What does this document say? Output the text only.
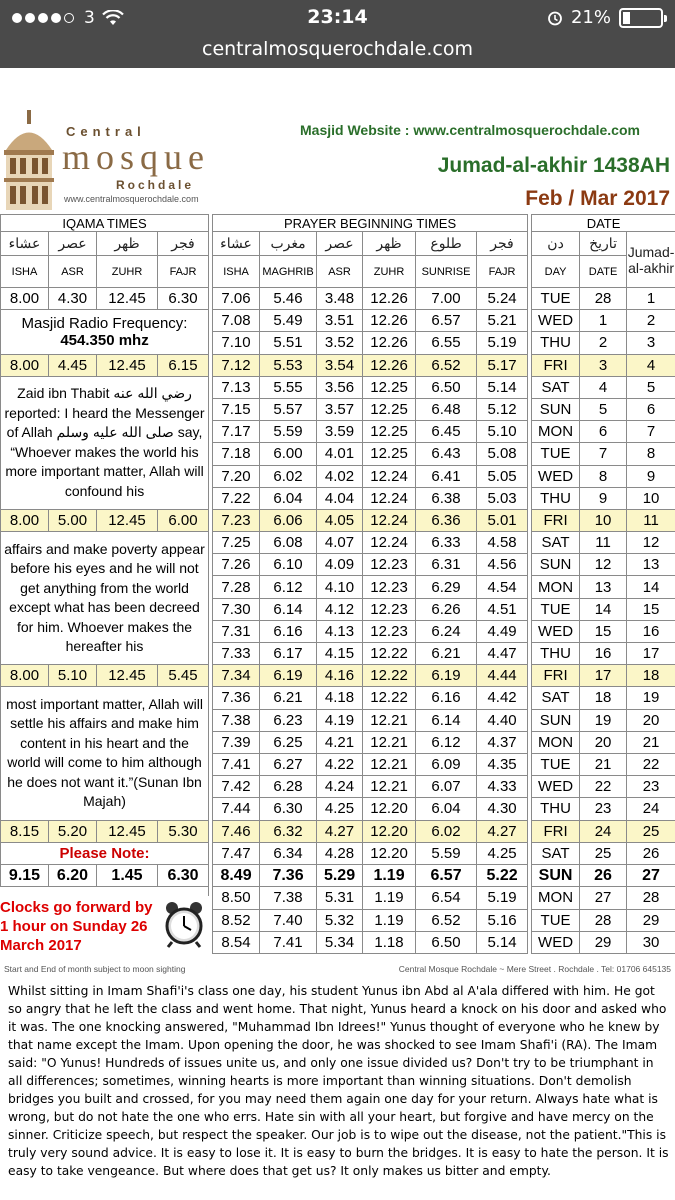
3	23:14	21%
centralmosquerochdale.com
Central
mosque
Rochdale
www.centralmosquerochdale.com
Masjid Website : www.centralmosquerochdale.com
Jumad-al-akhir 1438AH
Feb / Mar 2017
IQAMA TIMES					PRAYER BEGINNING TIMES							DATE		
عشاء	عصر	ظهر	فجر		عشاء	مغرب	عصر	ظهر	طلوع	فجر		دن	تاريخ	Jumad-al-akhir
ISHA	ASR	ZUHR	FAJR		ISHA	MAGHRIB	ASR	ZUHR	SUNRISE	FAJR		DAY	DATE	
8.00	4.30	12.45	6.30		7.06	5.46	3.48	12.26	7.00	5.24		TUE	28	1

Masjid Radio Frequency:
454.350 mhz					7.08	5.49	3.51	12.26	6.57	5.21		WED	1	2
					7.10	5.51	3.52	12.26	6.55	5.19		THU	2	3
8.00	4.45	12.45	6.15		7.12	5.53	3.54	12.26	6.52	5.17		FRI	3	4
Zaid ibn Thabit رضي الله عنه reported: I heard the Messenger of Allah صلى الله عليه وسلم say, “Whoever makes the world his more important matter, Allah will confound his					7.13	5.55	3.56	12.25	6.50	5.14		SAT	4	5
					7.15	5.57	3.57	12.25	6.48	5.12		SUN	5	6
					7.17	5.59	3.59	12.25	6.45	5.10		MON	6	7
					7.18	6.00	4.01	12.25	6.43	5.08		TUE	7	8
					7.20	6.02	4.02	12.24	6.41	5.05		WED	8	9
					7.22	6.04	4.04	12.24	6.38	5.03		THU	9	10
8.00	5.00	12.45	6.00		7.23	6.06	4.05	12.24	6.36	5.01		FRI	10	11
affairs and make poverty appear before his eyes and he will not get anything from the world except what has been decreed for him. Whoever makes the hereafter his					7.25	6.08	4.07	12.24	6.33	4.58		SAT	11	12
					7.26	6.10	4.09	12.23	6.31	4.56		SUN	12	13
					7.28	6.12	4.10	12.23	6.29	4.54		MON	13	14
					7.30	6.14	4.12	12.23	6.26	4.51		TUE	14	15
					7.31	6.16	4.13	12.23	6.24	4.49		WED	15	16
					7.33	6.17	4.15	12.22	6.21	4.47		THU	16	17
8.00	5.10	12.45	5.45		7.34	6.19	4.16	12.22	6.19	4.44		FRI	17	18
most important matter, Allah will settle his affairs and make him content in his heart and the world will come to him although he does not want it.”(Sunan Ibn Majah)					7.36	6.21	4.18	12.22	6.16	4.42		SAT	18	19
					7.38	6.23	4.19	12.21	6.14	4.40		SUN	19	20
					7.39	6.25	4.21	12.21	6.12	4.37		MON	20	21
					7.41	6.27	4.22	12.21	6.09	4.35		TUE	21	22
					7.42	6.28	4.24	12.21	6.07	4.33		WED	22	23
					7.44	6.30	4.25	12.20	6.04	4.30		THU	23	24
8.15	5.20	12.45	5.30		7.46	6.32	4.27	12.20	6.02	4.27		FRI	24	25
Please Note:					7.47	6.34	4.28	12.20	5.59	4.25		SAT	25	26
9.15	6.20	1.45	6.30		8.49	7.36	5.29	1.19	6.57	5.22		SUN	26	27
					8.50	7.38	5.31	1.19	6.54	5.19		MON	27	28
					8.52	7.40	5.32	1.19	6.52	5.16		TUE	28	29
					8.54	7.41	5.34	1.18	6.50	5.14		WED	29	30
Clocks go forward by 1 hour on Sunday 26 March 2017
Start and End of month subject to moon sighting	Central Mosque Rochdale ~ Mere Street . Rochdale . Tel: 01706 645135
Whilst sitting in Imam Shafi'i's class one day, his student Yunus ibn Abd al A'ala differed with him. He got so angry that he left the class and went home. That night, Yunus heard a knock on his door and asked who it was. The one knocking answered, "Muhammad Ibn Idrees!" Yunus thought of everyone who he knew by that name except the Imam. Upon opening the door, he was shocked to see Imam Shafi'i (RA). The Imam said: "O Yunus! Hundreds of issues unite us, and only one issue divided us? Don't try to be triumphant in all differences; sometimes, winning hearts is more important than winning situations. Don't demolish bridges you built and crossed, for you may need them again one day for your return. Always hate what is wrong, but do not hate the one who errs. Hate sin with all your heart, but forgive and have mercy on the sinner. Criticize speech, but respect the speaker. Our job is to wipe out the disease, not the patient."This is truly very sound advice. It is easy to lose it. It is easy to burn the bridges. It is easy to hate the person. It is easy to take vengeance. But where does that get us? It only makes us bitter and empty.
